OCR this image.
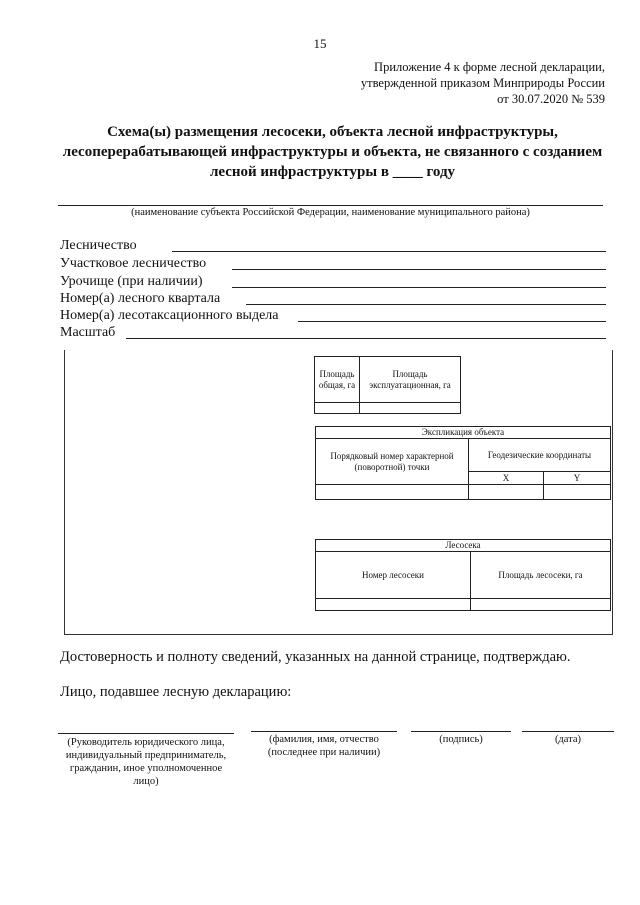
15
Приложение 4 к форме лесной декларации,
утвержденной приказом Минприроды России
от 30.07.2020 № 539
Схема(ы) размещения лесосеки, объекта лесной инфраструктуры,
лесоперерабатывающей инфраструктуры и объекта, не связанного с созданием
лесной инфраструктуры в ____ году
(наименование субъекта Российской Федерации, наименование муниципального района)
Лесничество
Участковое лесничество
Урочище (при наличии)
Номер(а) лесного квартала
Номер(а) лесотаксационного выдела
Масштаб
Площадь общая, га	Площадь эксплуатационная, га

Экспликация объекта		
Порядковый номер характерной (поворотной) точки	Геодезические координаты	
	X	Y

Лесосека	
Номер лесосеки	Площадь лесосеки, га

Достоверность и полноту сведений, указанных на данной странице, подтверждаю.
Лицо, подавшее лесную декларацию:
(Руководитель юридического лица, индивидуальный предприниматель, гражданин, иное уполномоченное лицо)
(фамилия, имя, отчество (последнее при наличии)
(подпись)	(дата)
